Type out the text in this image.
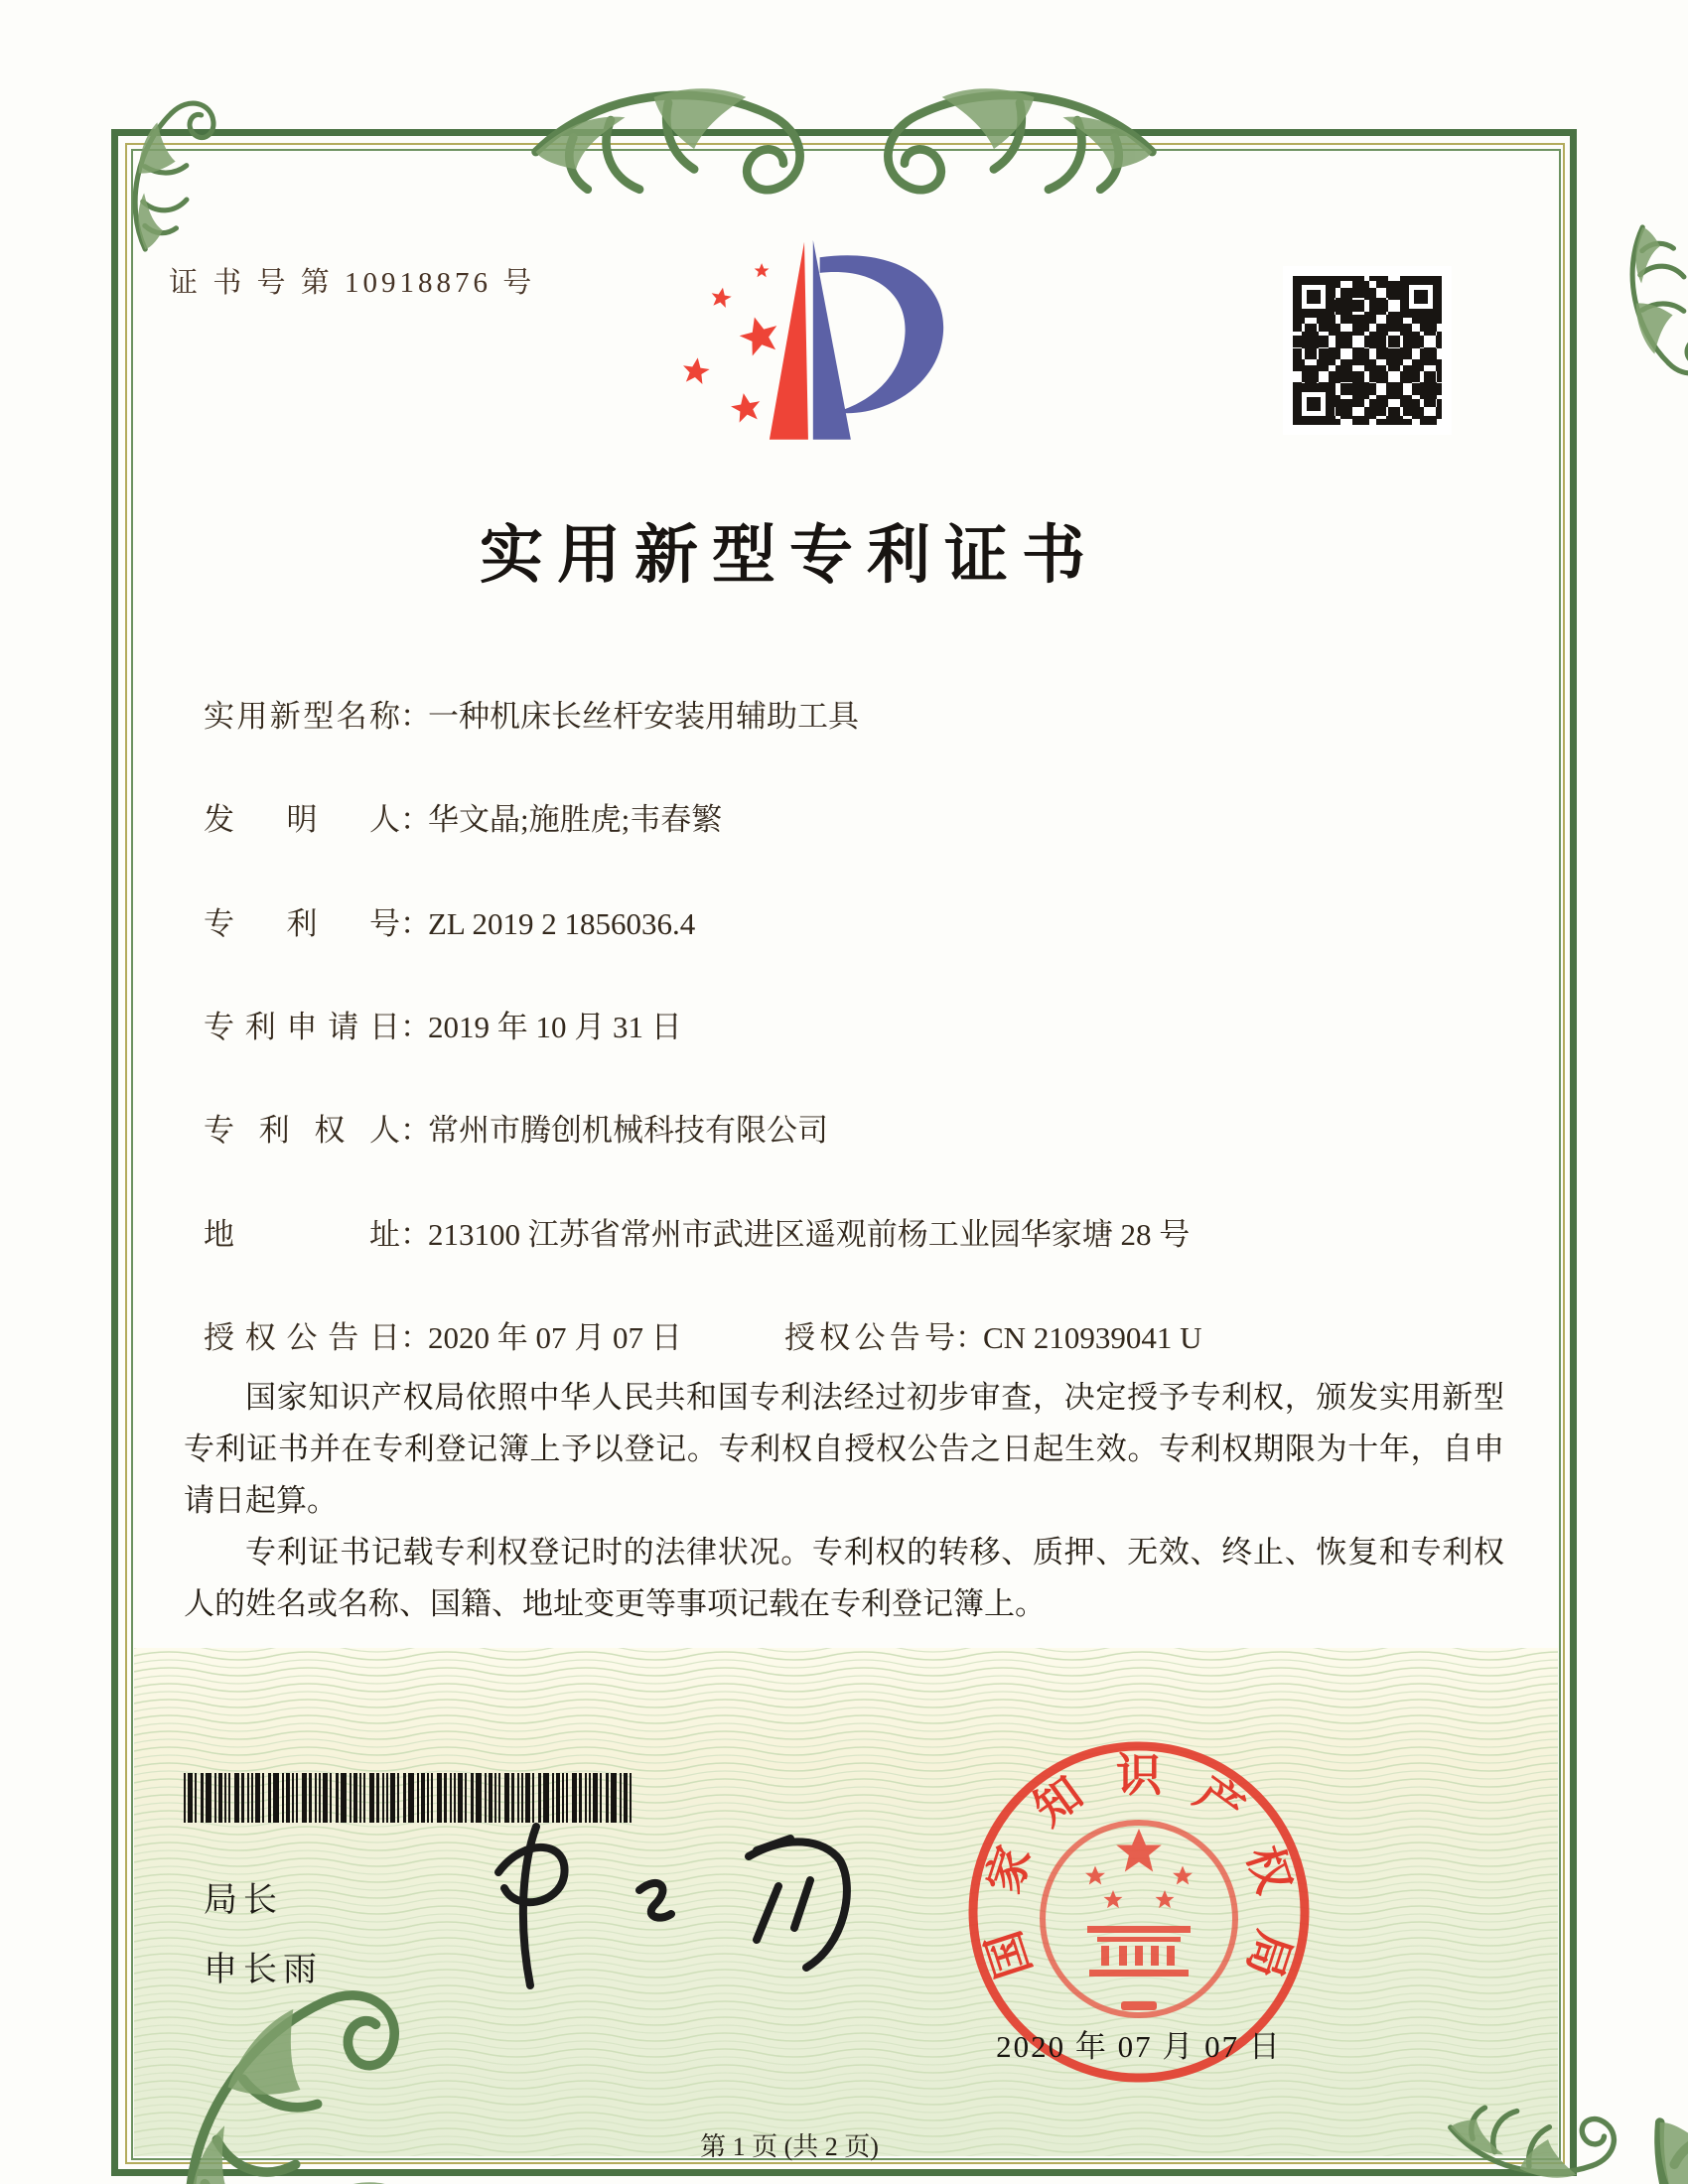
证 书 号 第 10918876 号
实用新型专利证书
实用新型名称：一种机床长丝杆安装用辅助工具
发明人：华文晶;施胜虎;韦春繁
专利号：ZL 2019 2 1856036.4
专利申请日：2019 年 10 月 31 日
专利权人：常州市腾创机械科技有限公司
地址：213100 江苏省常州市武进区遥观前杨工业园华家塘 28 号
授权公告日：2020 年 07 月 07 日	授权公告号：CN 210939041 U

国家知识产权局依照中华人民共和国专利法经过初步审查，决定授予专利权，颁发实用新型专利证书并在专利登记簿上予以登记。专利权自授权公告之日起生效。专利权期限为十年，自申请日起算。

专利证书记载专利权登记时的法律状况。专利权的转移、质押、无效、终止、恢复和专利权人的姓名或名称、国籍、地址变更等事项记载在专利登记簿上。

局长
申长雨	国
家
知 识 产
权
局
2020 年 07 月 07 日
第 1 页 (共 2 页)
